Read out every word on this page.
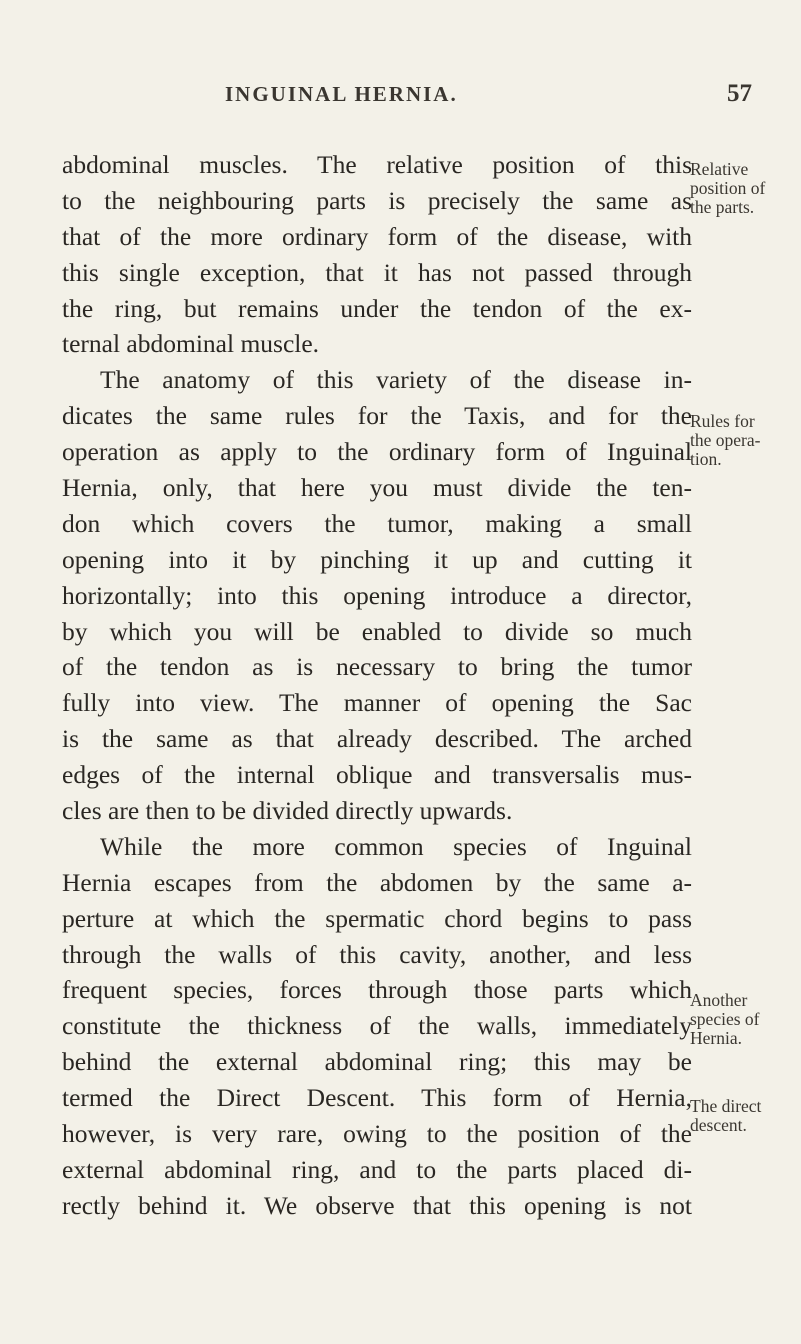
INGUINAL HERNIA.	57
abdominal muscles. The relative position of this
to the neighbouring parts is precisely the same as
that of the more ordinary form of the disease, with
this single exception, that it has not passed through
the ring, but remains under the tendon of the ex-
ternal abdominal muscle.
The anatomy of this variety of the disease in-
dicates the same rules for the Taxis, and for the
operation as apply to the ordinary form of Inguinal
Hernia, only, that here you must divide the ten-
don which covers the tumor, making a small
opening into it by pinching it up and cutting it
horizontally; into this opening introduce a director,
by which you will be enabled to divide so much
of the tendon as is necessary to bring the tumor
fully into view. The manner of opening the Sac
is the same as that already described. The arched
edges of the internal oblique and transversalis mus-
cles are then to be divided directly upwards.
While the more common species of Inguinal
Hernia escapes from the abdomen by the same a-
perture at which the spermatic chord begins to pass
through the walls of this cavity, another, and less
frequent species, forces through those parts which
constitute the thickness of the walls, immediately
behind the external abdominal ring; this may be
termed the Direct Descent. This form of Hernia,
however, is very rare, owing to the position of the
external abdominal ring, and to the parts placed di-
rectly behind it. We observe that this opening is not
Relative
position of
the parts.
Rules for
the opera-
tion.
Another
species of
Hernia.
The direct
descent.
